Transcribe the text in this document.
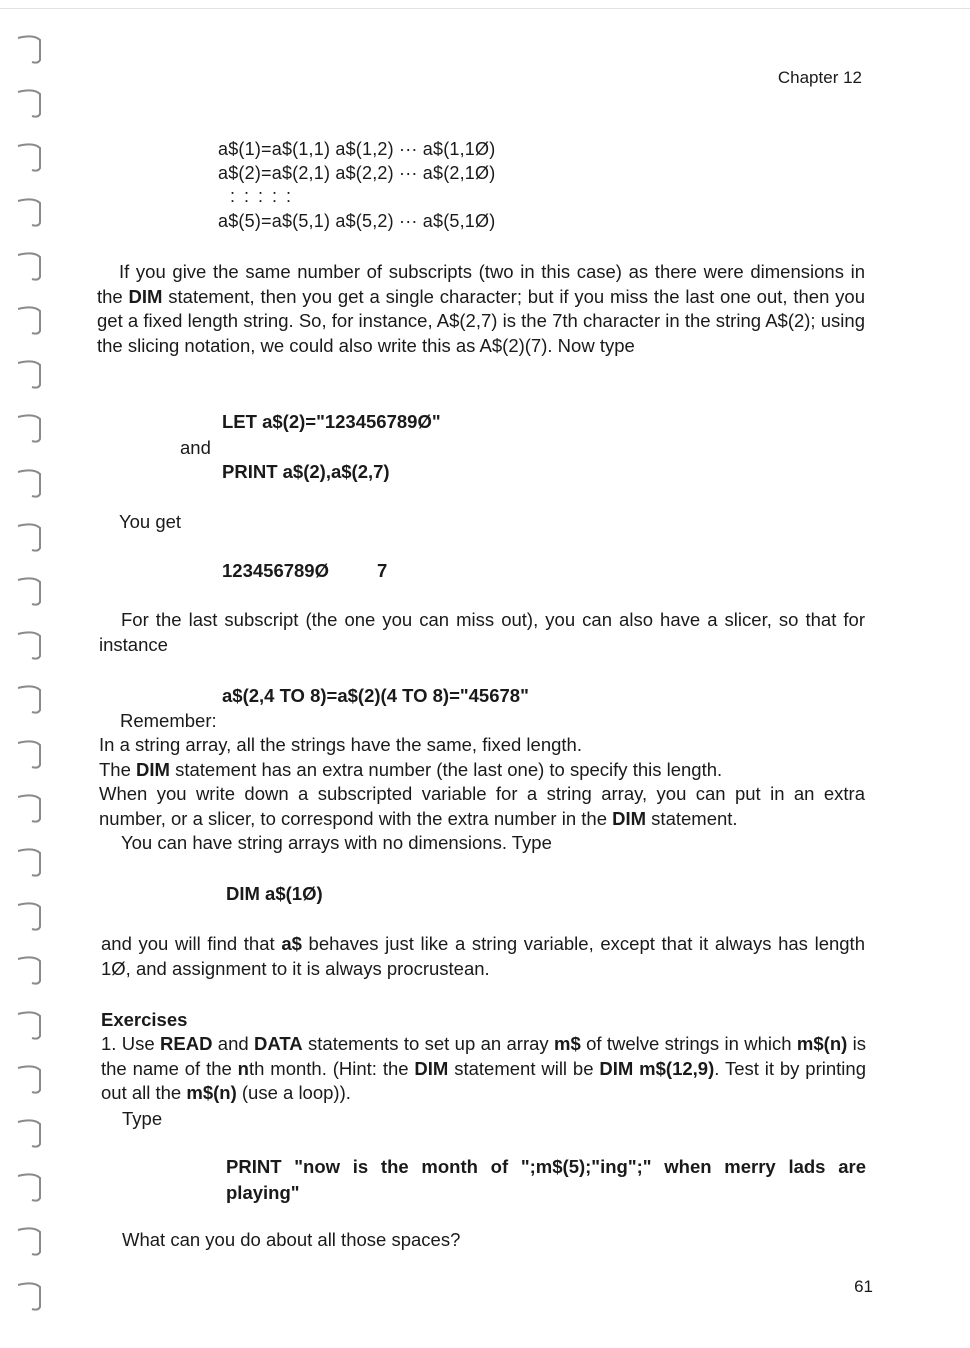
Chapter 12
a$(1)=a$(1,1) a$(1,2) ··· a$(1,1Ø)
a$(2)=a$(2,1) a$(2,2) ··· a$(2,1Ø)
: : : : :
a$(5)=a$(5,1) a$(5,2) ··· a$(5,1Ø)

If you give the same number of subscripts (two in this case) as there were dimensions in the DIM statement, then you get a single character; but if you miss the last one out, then you get a fixed length string. So, for instance, A$(2,7) is the 7th character in the string A$(2); using the slicing notation, we could also write this as A$(2)(7). Now type

LET a$(2)="123456789Ø"
and
PRINT a$(2),a$(2,7)
You get
123456789Ø	7

For the last subscript (the one you can miss out), you can also have a slicer, so that for instance

a$(2,4 TO 8)=a$(2)(4 TO 8)="45678"
Remember:

In a string array, all the strings have the same, fixed length.

The DIM statement has an extra number (the last one) to specify this length.

When you write down a subscripted variable for a string array, you can put in an extra number, or a slicer, to correspond with the extra number in the DIM statement.

You can have string arrays with no dimensions. Type

DIM a$(1Ø)

and you will find that a$ behaves just like a string variable, except that it always has length 1Ø, and assignment to it is always procrustean.

Exercises

1. Use READ and DATA statements to set up an array m$ of twelve strings in which m$(n) is the name of the nth month. (Hint: the DIM statement will be DIM m$(12,9). Test it by printing out all the m$(n) (use a loop)).

Type

PRINT "now is the month of ";m$(5);"ing";" when merry lads are playing"

What can you do about all those spaces?
61
